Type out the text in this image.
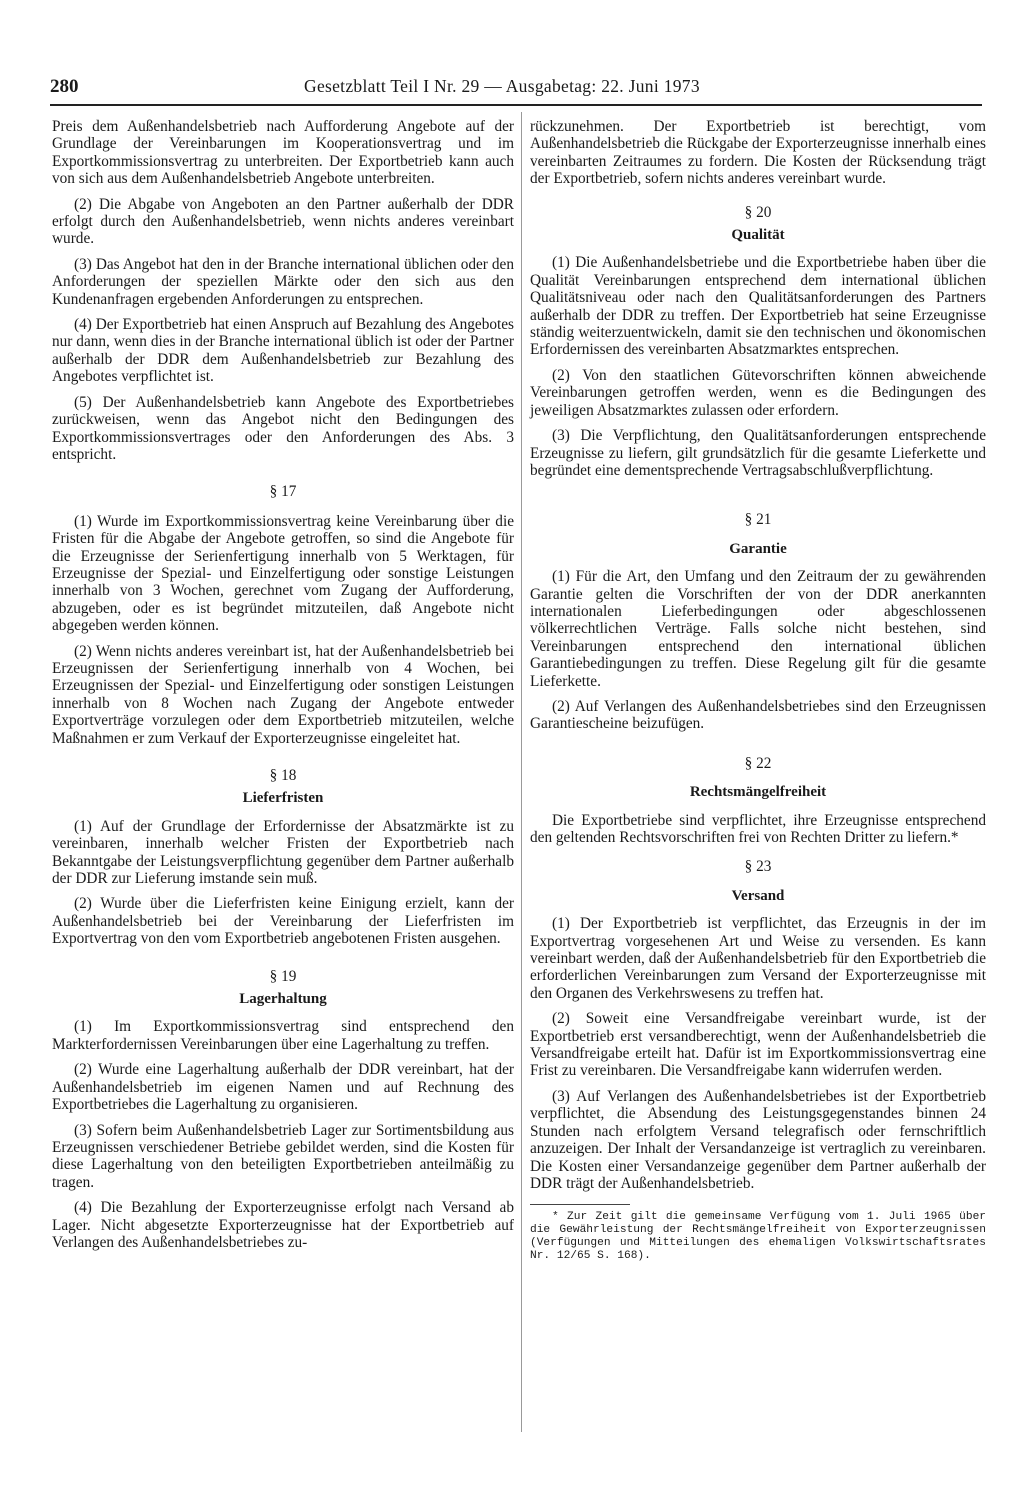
280	Gesetzblatt Teil I Nr. 29 — Ausgabetag: 22. Juni 1973

Preis dem Außenhandelsbetrieb nach Aufforderung Angebote auf der Grundlage der Vereinbarungen im Kooperationsvertrag und im Exportkommissionsvertrag zu unterbreiten. Der Exportbetrieb kann auch von sich aus dem Außenhandelsbetrieb Angebote unterbreiten.

(2) Die Abgabe von Angeboten an den Partner außerhalb der DDR erfolgt durch den Außenhandelsbetrieb, wenn nichts anderes vereinbart wurde.

(3) Das Angebot hat den in der Branche international üblichen oder den Anforderungen der speziellen Märkte oder den sich aus den Kundenanfragen ergebenden Anforderungen zu entsprechen.

(4) Der Exportbetrieb hat einen Anspruch auf Bezahlung des Angebotes nur dann, wenn dies in der Branche international üblich ist oder der Partner außerhalb der DDR dem Außenhandelsbetrieb zur Bezahlung des Angebotes verpflichtet ist.

(5) Der Außenhandelsbetrieb kann Angebote des Exportbetriebes zurückweisen, wenn das Angebot nicht den Bedingungen des Exportkommissionsvertrages oder den Anforderungen des Abs. 3 entspricht.

§ 17

(1) Wurde im Exportkommissionsvertrag keine Vereinbarung über die Fristen für die Abgabe der Angebote getroffen, so sind die Angebote für die Erzeugnisse der Serienfertigung innerhalb von 5 Werktagen, für Erzeugnisse der Spezial- und Einzelfertigung oder sonstige Leistungen innerhalb von 3 Wochen, gerechnet vom Zugang der Aufforderung, abzugeben, oder es ist begründet mitzuteilen, daß Angebote nicht abgegeben werden können.

(2) Wenn nichts anderes vereinbart ist, hat der Außenhandelsbetrieb bei Erzeugnissen der Serienfertigung innerhalb von 4 Wochen, bei Erzeugnissen der Spezial- und Einzelfertigung oder sonstigen Leistungen innerhalb von 8 Wochen nach Zugang der Angebote entweder Exportverträge vorzulegen oder dem Exportbetrieb mitzuteilen, welche Maßnahmen er zum Verkauf der Exporterzeugnisse eingeleitet hat.

§ 18
Lieferfristen

(1) Auf der Grundlage der Erfordernisse der Absatzmärkte ist zu vereinbaren, innerhalb welcher Fristen der Exportbetrieb nach Bekanntgabe der Leistungsverpflichtung gegenüber dem Partner außerhalb der DDR zur Lieferung imstande sein muß.

(2) Wurde über die Lieferfristen keine Einigung erzielt, kann der Außenhandelsbetrieb bei der Vereinbarung der Lieferfristen im Exportvertrag von den vom Exportbetrieb angebotenen Fristen ausgehen.

§ 19
Lagerhaltung

(1) Im Exportkommissionsvertrag sind entsprechend den Markterfordernissen Vereinbarungen über eine Lagerhaltung zu treffen.

(2) Wurde eine Lagerhaltung außerhalb der DDR vereinbart, hat der Außenhandelsbetrieb im eigenen Namen und auf Rechnung des Exportbetriebes die Lagerhaltung zu organisieren.

(3) Sofern beim Außenhandelsbetrieb Lager zur Sortimentsbildung aus Erzeugnissen verschiedener Betriebe gebildet werden, sind die Kosten für diese Lagerhaltung von den beteiligten Exportbetrieben anteilmäßig zu tragen.

(4) Die Bezahlung der Exporterzeugnisse erfolgt nach Versand ab Lager. Nicht abgesetzte Exporterzeugnisse hat der Exportbetrieb auf Verlangen des Außenhandelsbetriebes zu-

rückzunehmen. Der Exportbetrieb ist berechtigt, vom Außenhandelsbetrieb die Rückgabe der Exporterzeugnisse innerhalb eines vereinbarten Zeitraumes zu fordern. Die Kosten der Rücksendung trägt der Exportbetrieb, sofern nichts anderes vereinbart wurde.

§ 20
Qualität

(1) Die Außenhandelsbetriebe und die Exportbetriebe haben über die Qualität Vereinbarungen entsprechend dem international üblichen Qualitätsniveau oder nach den Qualitätsanforderungen des Partners außerhalb der DDR zu treffen. Der Exportbetrieb hat seine Erzeugnisse ständig weiterzuentwickeln, damit sie den technischen und ökonomischen Erfordernissen des vereinbarten Absatzmarktes entsprechen.

(2) Von den staatlichen Gütevorschriften können abweichende Vereinbarungen getroffen werden, wenn es die Bedingungen des jeweiligen Absatzmarktes zulassen oder erfordern.

(3) Die Verpflichtung, den Qualitätsanforderungen entsprechende Erzeugnisse zu liefern, gilt grundsätzlich für die gesamte Lieferkette und begründet eine dementsprechende Vertragsabschlußverpflichtung.

§ 21
Garantie

(1) Für die Art, den Umfang und den Zeitraum der zu gewährenden Garantie gelten die Vorschriften der von der DDR anerkannten internationalen Lieferbedingungen oder abgeschlossenen völkerrechtlichen Verträge. Falls solche nicht bestehen, sind Vereinbarungen entsprechend den international üblichen Garantiebedingungen zu treffen. Diese Regelung gilt für die gesamte Lieferkette.

(2) Auf Verlangen des Außenhandelsbetriebes sind den Erzeugnissen Garantiescheine beizufügen.

§ 22
Rechtsmängelfreiheit

Die Exportbetriebe sind verpflichtet, ihre Erzeugnisse entsprechend den geltenden Rechtsvorschriften frei von Rechten Dritter zu liefern.*

§ 23
Versand

(1) Der Exportbetrieb ist verpflichtet, das Erzeugnis in der im Exportvertrag vorgesehenen Art und Weise zu versenden. Es kann vereinbart werden, daß der Außenhandelsbetrieb für den Exportbetrieb die erforderlichen Vereinbarungen zum Versand der Exporterzeugnisse mit den Organen des Verkehrswesens zu treffen hat.

(2) Soweit eine Versandfreigabe vereinbart wurde, ist der Exportbetrieb erst versandberechtigt, wenn der Außenhandelsbetrieb die Versandfreigabe erteilt hat. Dafür ist im Exportkommissionsvertrag eine Frist zu vereinbaren. Die Versandfreigabe kann widerrufen werden.

(3) Auf Verlangen des Außenhandelsbetriebes ist der Exportbetrieb verpflichtet, die Absendung des Leistungsgegenstandes binnen 24 Stunden nach erfolgtem Versand telegrafisch oder fernschriftlich anzuzeigen. Der Inhalt der Versandanzeige ist vertraglich zu vereinbaren. Die Kosten einer Versandanzeige gegenüber dem Partner außerhalb der DDR trägt der Außenhandelsbetrieb.

* Zur Zeit gilt die gemeinsame Verfügung vom 1. Juli 1965 über die Gewährleistung der Rechtsmängelfreiheit von Exporterzeugnissen (Verfügungen und Mitteilungen des ehemaligen Volkswirtschaftsrates Nr. 12/65 S. 168).
